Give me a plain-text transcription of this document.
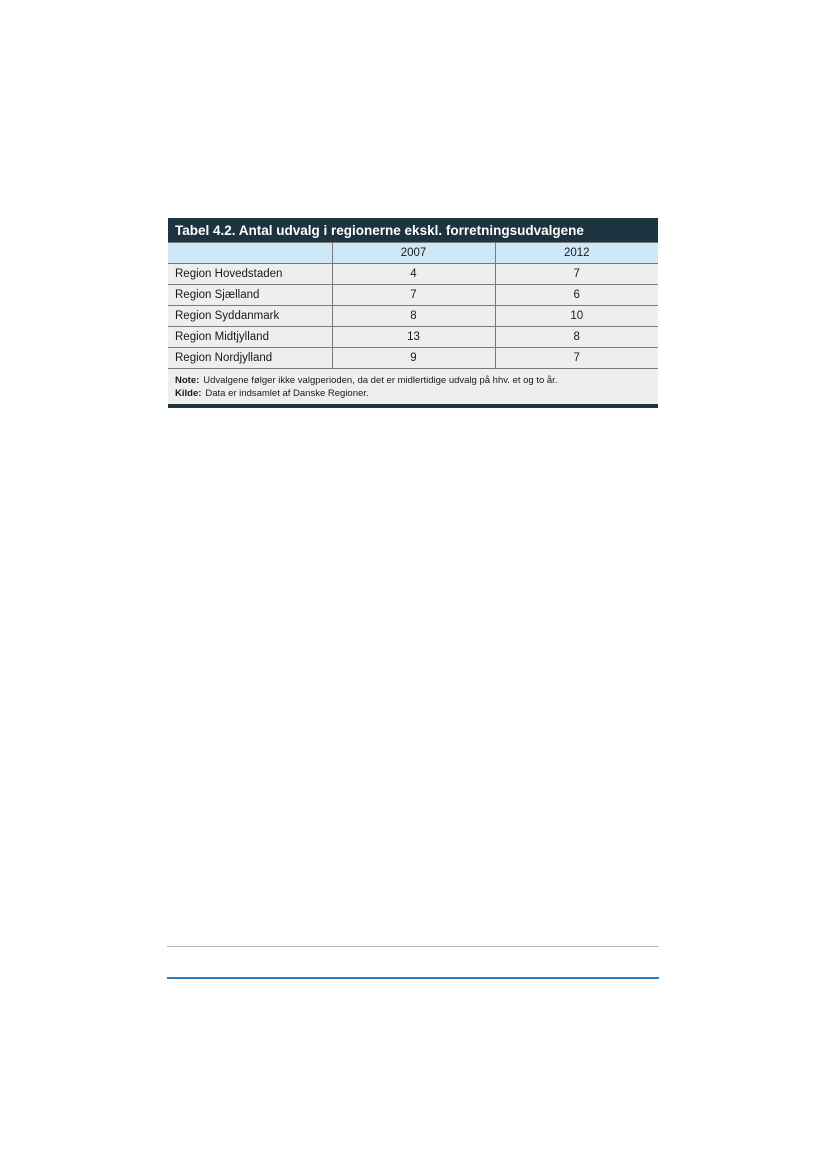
Tabel 4.2. Antal udvalg i regionerne ekskl. forretningsudvalgene
	2007	2012
Region Hovedstaden	4	7
Region Sjælland	7	6
Region Syddanmark	8	10
Region Midtjylland	13	8
Region Nordjylland	9	7
Note: Udvalgene følger ikke valgperioden, da det er midlertidige udvalg på hhv. et og to år.
Kilde: Data er indsamlet af Danske Regioner.
